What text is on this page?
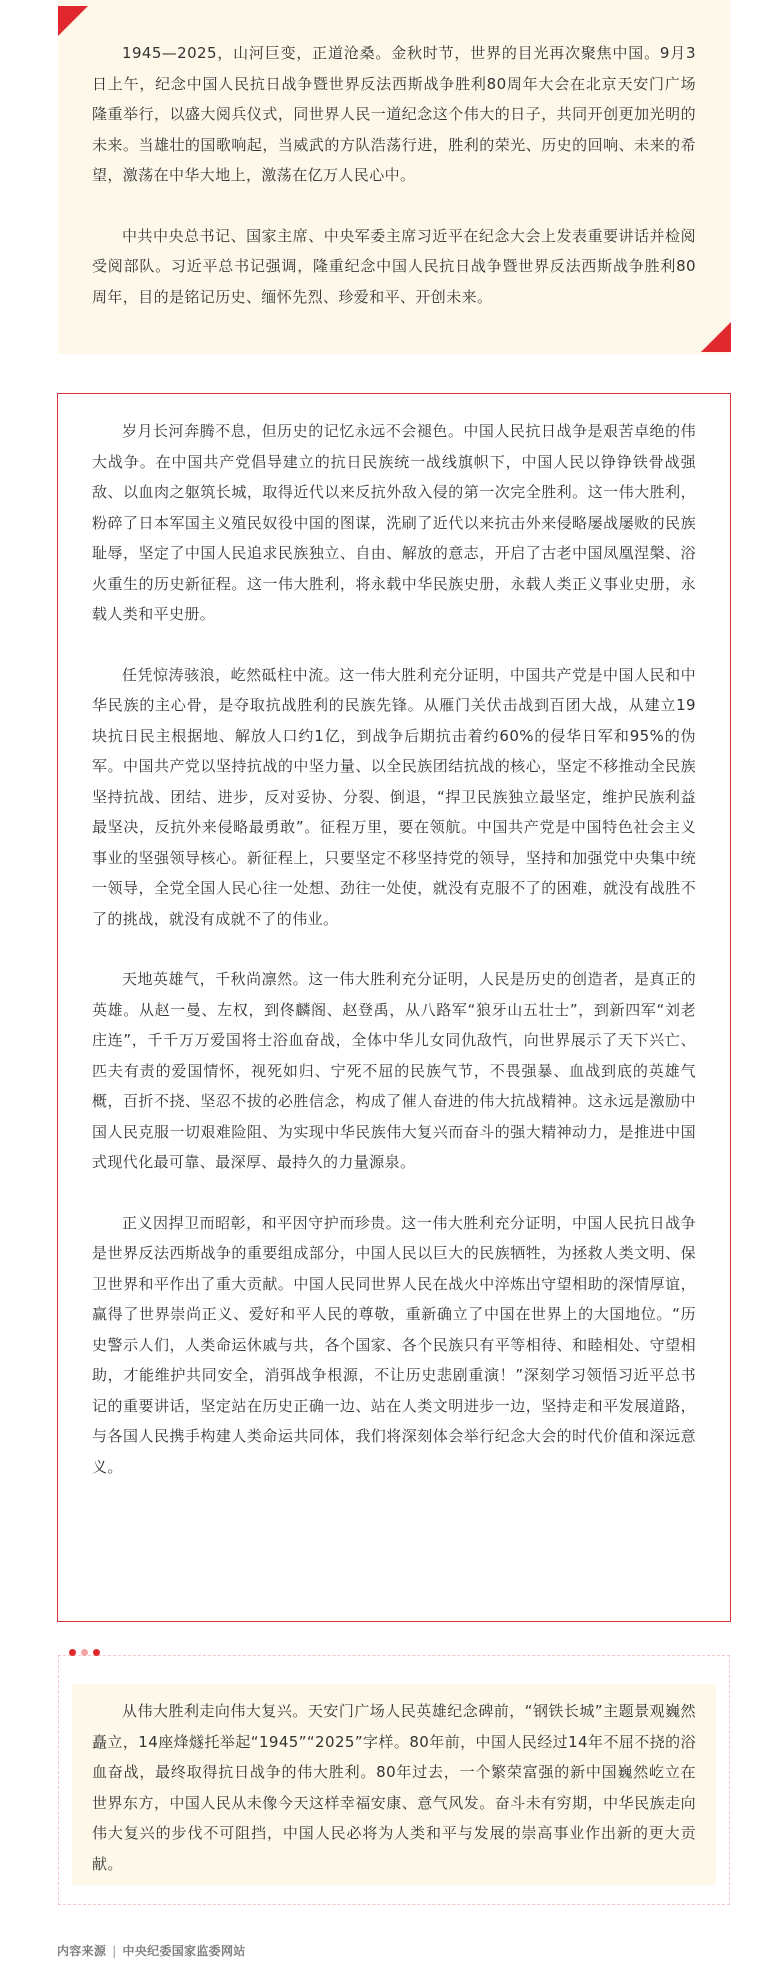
1945—2025，山河巨变，正道沧桑。金秋时节，世界的目光再次聚焦中国。9月3日上午，纪念中国人民抗日战争暨世界反法西斯战争胜利80周年大会在北京天安门广场隆重举行，以盛大阅兵仪式，同世界人民一道纪念这个伟大的日子，共同开创更加光明的未来。当雄壮的国歌响起，当威武的方队浩荡行进，胜利的荣光、历史的回响、未来的希望，激荡在中华大地上，激荡在亿万人民心中。

中共中央总书记、国家主席、中央军委主席习近平在纪念大会上发表重要讲话并检阅受阅部队。习近平总书记强调，隆重纪念中国人民抗日战争暨世界反法西斯战争胜利80周年，目的是铭记历史、缅怀先烈、珍爱和平、开创未来。

岁月长河奔腾不息，但历史的记忆永远不会褪色。中国人民抗日战争是艰苦卓绝的伟大战争。在中国共产党倡导建立的抗日民族统一战线旗帜下，中国人民以铮铮铁骨战强敌、以血肉之躯筑长城，取得近代以来反抗外敌入侵的第一次完全胜利。这一伟大胜利，粉碎了日本军国主义殖民奴役中国的图谋，洗刷了近代以来抗击外来侵略屡战屡败的民族耻辱，坚定了中国人民追求民族独立、自由、解放的意志，开启了古老中国凤凰涅槃、浴火重生的历史新征程。这一伟大胜利，将永载中华民族史册，永载人类正义事业史册，永载人类和平史册。

任凭惊涛骇浪，屹然砥柱中流。这一伟大胜利充分证明，中国共产党是中国人民和中华民族的主心骨，是夺取抗战胜利的民族先锋。从雁门关伏击战到百团大战，从建立19块抗日民主根据地、解放人口约1亿，到战争后期抗击着约60%的侵华日军和95%的伪军。中国共产党以坚持抗战的中坚力量、以全民族团结抗战的核心，坚定不移推动全民族坚持抗战、团结、进步，反对妥协、分裂、倒退，“捍卫民族独立最坚定，维护民族利益最坚决，反抗外来侵略最勇敢”。征程万里，要在领航。中国共产党是中国特色社会主义事业的坚强领导核心。新征程上，只要坚定不移坚持党的领导，坚持和加强党中央集中统一领导，全党全国人民心往一处想、劲往一处使，就没有克服不了的困难，就没有战胜不了的挑战，就没有成就不了的伟业。

天地英雄气，千秋尚凛然。这一伟大胜利充分证明，人民是历史的创造者，是真正的英雄。从赵一曼、左权，到佟麟阁、赵登禹，从八路军“狼牙山五壮士”，到新四军“刘老庄连”，千千万万爱国将士浴血奋战，全体中华儿女同仇敌忾，向世界展示了天下兴亡、匹夫有责的爱国情怀，视死如归、宁死不屈的民族气节，不畏强暴、血战到底的英雄气概，百折不挠、坚忍不拔的必胜信念，构成了催人奋进的伟大抗战精神。这永远是激励中国人民克服一切艰难险阻、为实现中华民族伟大复兴而奋斗的强大精神动力，是推进中国式现代化最可靠、最深厚、最持久的力量源泉。

正义因捍卫而昭彰，和平因守护而珍贵。这一伟大胜利充分证明，中国人民抗日战争是世界反法西斯战争的重要组成部分，中国人民以巨大的民族牺牲，为拯救人类文明、保卫世界和平作出了重大贡献。中国人民同世界人民在战火中淬炼出守望相助的深情厚谊，赢得了世界崇尚正义、爱好和平人民的尊敬，重新确立了中国在世界上的大国地位。“历史警示人们，人类命运休戚与共，各个国家、各个民族只有平等相待、和睦相处、守望相助，才能维护共同安全，消弭战争根源，不让历史悲剧重演！”深刻学习领悟习近平总书记的重要讲话，坚定站在历史正确一边、站在人类文明进步一边，坚持走和平发展道路，与各国人民携手构建人类命运共同体，我们将深刻体会举行纪念大会的时代价值和深远意义。

从伟大胜利走向伟大复兴。天安门广场人民英雄纪念碑前，“钢铁长城”主题景观巍然矗立，14座烽燧托举起“1945”“2025”字样。80年前，中国人民经过14年不屈不挠的浴血奋战，最终取得抗日战争的伟大胜利。80年过去，一个繁荣富强的新中国巍然屹立在世界东方，中国人民从未像今天这样幸福安康、意气风发。奋斗未有穷期，中华民族走向伟大复兴的步伐不可阻挡，中国人民必将为人类和平与发展的崇高事业作出新的更大贡献。

内容来源 | 中央纪委国家监委网站
